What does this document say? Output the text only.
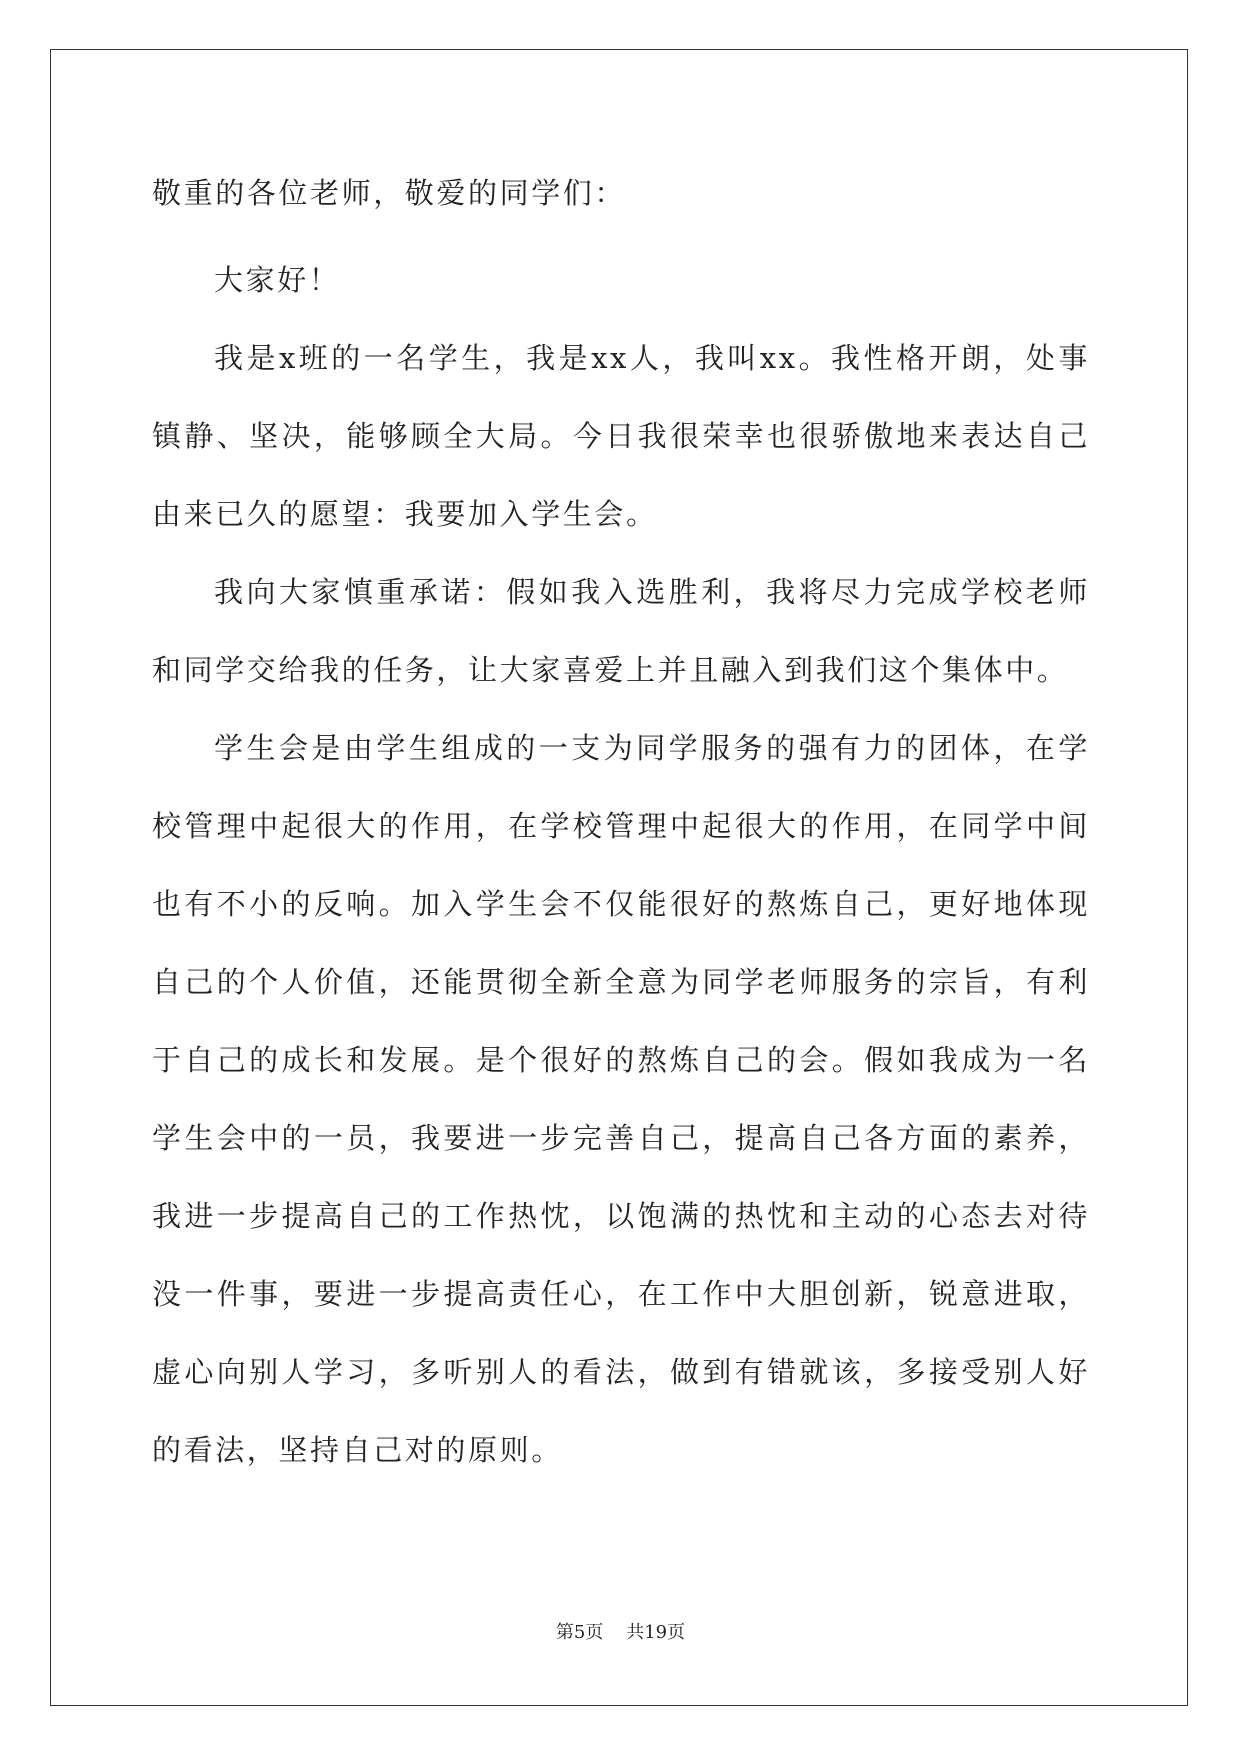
敬重的各位老师，敬爱的同学们：

大家好！

我是x班的一名学生，我是xx人，我叫xx。我性格开朗，处事镇静、坚决，能够顾全大局。今日我很荣幸也很骄傲地来表达自己由来已久的愿望：我要加入学生会。

我向大家慎重承诺：假如我入选胜利，我将尽力完成学校老师和同学交给我的任务，让大家喜爱上并且融入到我们这个集体中。

学生会是由学生组成的一支为同学服务的强有力的团体，在学校管理中起很大的作用，在学校管理中起很大的作用，在同学中间也有不小的反响。加入学生会不仅能很好的熬炼自己，更好地体现自己的个人价值，还能贯彻全新全意为同学老师服务的宗旨，有利于自己的成长和发展。是个很好的熬炼自己的会。假如我成为一名学生会中的一员，我要进一步完善自己，提高自己各方面的素养，我进一步提高自己的工作热忱，以饱满的热忱和主动的心态去对待没一件事，要进一步提高责任心，在工作中大胆创新，锐意进取，虚心向别人学习，多听别人的看法，做到有错就该，多接受别人好的看法，坚持自己对的原则。

第5页    共19页
